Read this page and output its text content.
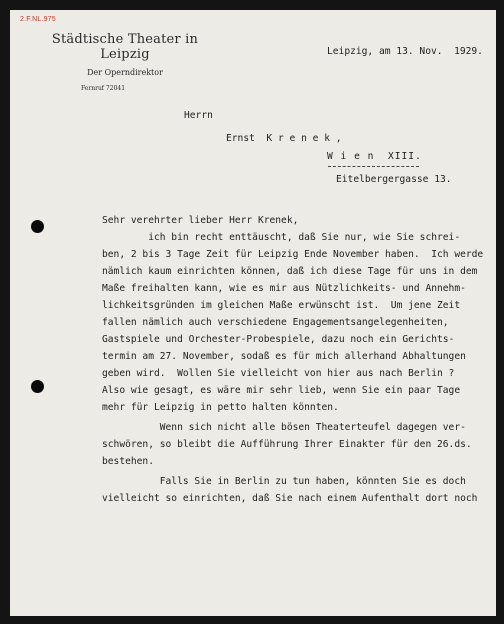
2.F.NL.975
Städtische Theater in Leipzig
Der Operndirektor
Fernruf 72041
Leipzig, am 13. Nov.  1929.
Herrn
Ernst  K r e n e k ,
W i e n  XIII.
Eitelbergergasse 13.
Sehr verehrter lieber Herr Krenek,
ich bin recht enttäuscht, daß Sie nur, wie Sie schrei-
ben, 2 bis 3 Tage Zeit für Leipzig Ende November haben.  Ich werde
nämlich kaum einrichten können, daß ich diese Tage für uns in dem
Maße freihalten kann, wie es mir aus Nützlichkeits- und Annehm-
lichkeitsgründen im gleichen Maße erwünscht ist.  Um jene Zeit
fallen nämlich auch verschiedene Engagementsangelegenheiten,
Gastspiele und Orchester-Probespiele, dazu noch ein Gerichts-
termin am 27. November, sodaß es für mich allerhand Abhaltungen
geben wird.  Wollen Sie vielleicht von hier aus nach Berlin ?
Also wie gesagt, es wäre mir sehr lieb, wenn Sie ein paar Tage
mehr für Leipzig in petto halten könnten.
Wenn sich nicht alle bösen Theaterteufel dagegen ver-
schwören, so bleibt die Aufführung Ihrer Einakter für den 26.ds.
bestehen.
Falls Sie in Berlin zu tun haben, könnten Sie es doch
vielleicht so einrichten, daß Sie nach einem Aufenthalt dort noch
